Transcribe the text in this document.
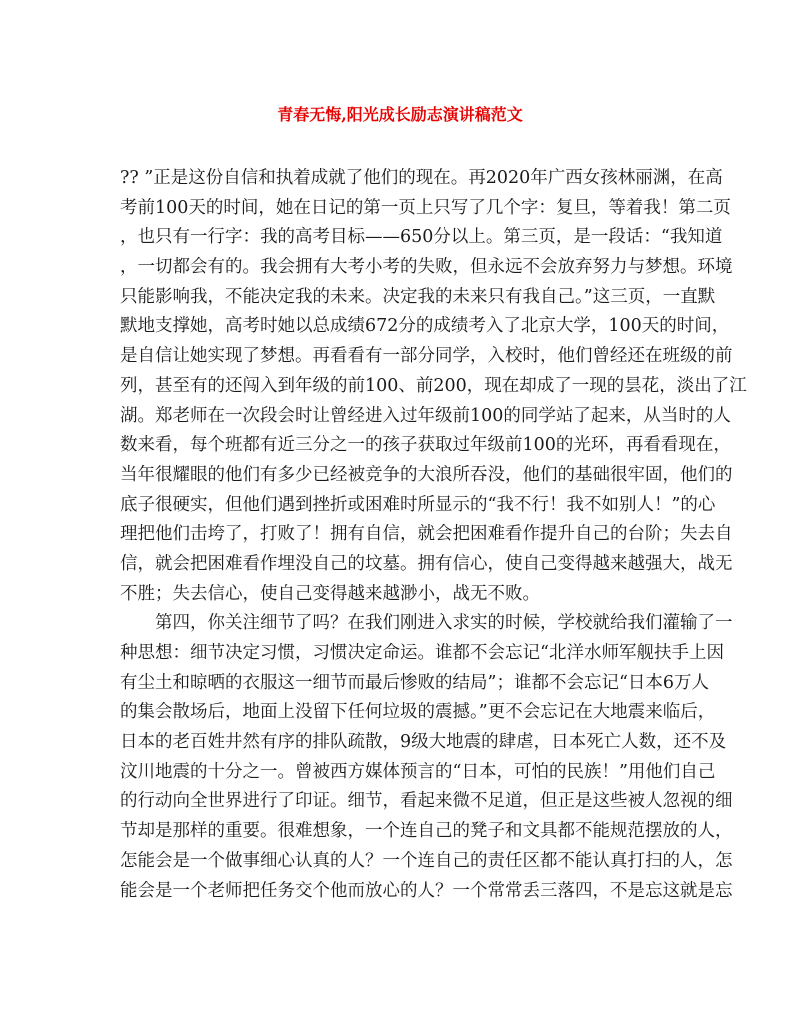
青春无悔,阳光成长励志演讲稿范文
?? ”正是这份自信和执着成就了他们的现在。再2020年广西女孩林丽渊，在高
考前100天的时间，她在日记的第一页上只写了几个字：复旦，等着我！第二页
，也只有一行字：我的高考目标——650分以上。第三页，是一段话：“我知道
，一切都会有的。我会拥有大考小考的失败，但永远不会放弃努力与梦想。环境
只能影响我，不能决定我的未来。决定我的未来只有我自己。”这三页，一直默
默地支撑她，高考时她以总成绩672分的成绩考入了北京大学，100天的时间，
是自信让她实现了梦想。再看看有一部分同学，入校时，他们曾经还在班级的前
列，甚至有的还闯入到年级的前100、前200，现在却成了一现的昙花，淡出了江
湖。郑老师在一次段会时让曾经进入过年级前100的同学站了起来，从当时的人
数来看，每个班都有近三分之一的孩子获取过年级前100的光环，再看看现在，
当年很耀眼的他们有多少已经被竞争的大浪所吞没，他们的基础很牢固，他们的
底子很硬实，但他们遇到挫折或困难时所显示的“我不行！我不如别人！”的心
理把他们击垮了，打败了！拥有自信，就会把困难看作提升自己的台阶；失去自
信，就会把困难看作埋没自己的坟墓。拥有信心，使自己变得越来越强大，战无
不胜；失去信心，使自己变得越来越渺小，战无不败。
　　第四，你关注细节了吗？在我们刚进入求实的时候，学校就给我们灌输了一
种思想：细节决定习惯，习惯决定命运。谁都不会忘记“北洋水师军舰扶手上因
有尘土和晾晒的衣服这一细节而最后惨败的结局”；谁都不会忘记“日本6万人
的集会散场后，地面上没留下任何垃圾的震撼。”更不会忘记在大地震来临后，
日本的老百姓井然有序的排队疏散，9级大地震的肆虐，日本死亡人数，还不及
汶川地震的十分之一。曾被西方媒体预言的“日本，可怕的民族！”用他们自己
的行动向全世界进行了印证。细节，看起来微不足道，但正是这些被人忽视的细
节却是那样的重要。很难想象，一个连自己的凳子和文具都不能规范摆放的人，
怎能会是一个做事细心认真的人？一个连自己的责任区都不能认真打扫的人，怎
能会是一个老师把任务交个他而放心的人？一个常常丢三落四，不是忘这就是忘
